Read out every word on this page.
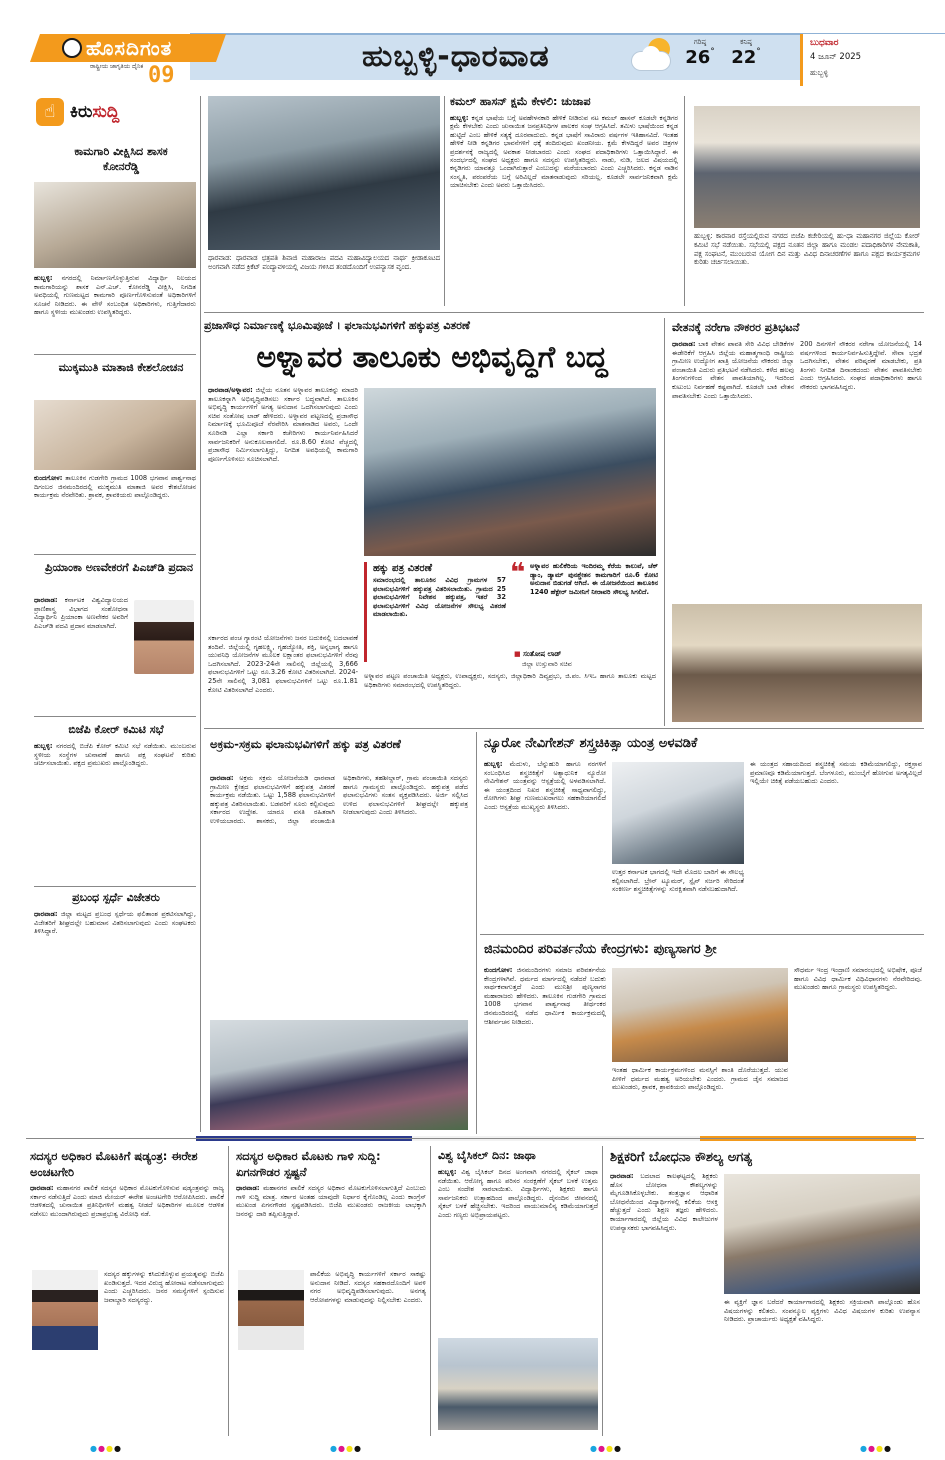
ಹೊಸದಿಗಂತ
ರಾಷ್ಟ್ರೀಯ ಜಾಗೃತಿಯ ದೈನಿಕ 09
ಹುಬ್ಬಳ್ಳಿ-ಧಾರವಾಡ	ಗರಿಷ್ಠ
26°
ಕನಿಷ್ಠ
22°
ಬುಧವಾರ
4 ಜೂನ್ 2025
ಹುಬ್ಬಳ್ಳಿ
☝ ಕಿರುಸುದ್ದಿ
ಕಾಮಗಾರಿ ವೀಕ್ಷಿಸಿದ ಶಾಸಕ ಕೋನರೆಡ್ಡಿ
ಹುಬ್ಬಳ್ಳಿ: ನಗರದಲ್ಲಿ ನಿರ್ಮಾಣಗೊಳ್ಳುತ್ತಿರುವ ವಿದ್ಯಾರ್ಥಿ ನಿಲಯದ ಕಾಮಗಾರಿಯನ್ನು ಶಾಸಕ ಎನ್.ಎಚ್. ಕೋನರೆಡ್ಡಿ ವೀಕ್ಷಿಸಿ, ನಿಗದಿತ ಅವಧಿಯಲ್ಲಿ ಗುಣಮಟ್ಟದ ಕಾಮಗಾರಿ ಪೂರ್ಣಗೊಳಿಸುವಂತೆ ಅಧಿಕಾರಿಗಳಿಗೆ ಸೂಚನೆ ನೀಡಿದರು. ಈ ವೇಳೆ ಸಂಬಂಧಿತ ಅಧಿಕಾರಿಗಳು, ಗುತ್ತಿಗೆದಾರರು ಹಾಗೂ ಸ್ಥಳೀಯ ಮುಖಂಡರು ಉಪಸ್ಥಿತರಿದ್ದರು.
ಮುಕ್ಕಮುತಿ ಮಾತಾಜಿ ಕೇಶಲೋಚನ
ಕುಂದಗೋಳ: ತಾಲೂಕಿನ ಗುಡಗೇರಿ ಗ್ರಾಮದ 1008 ಭಗವಾನ ಪಾರ್ಶ್ವನಾಥ ದಿಗಂಬರ ಜಿನಮಂದಿರದಲ್ಲಿ ಮುಕ್ಕಮುತಿ ಮಾತಾಜಿ ಅವರ ಕೇಶಲೋಚನ ಕಾರ್ಯಕ್ರಮ ನೆರವೇರಿತು. ಶ್ರಾವಕ, ಶ್ರಾವಕಿಯರು ಪಾಲ್ಗೊಂಡಿದ್ದರು.
ಪ್ರಿಯಾಂಕಾ ಅಣವೇಕರಗೆ ಪಿಎಚ್‌ಡಿ ಪ್ರದಾನ
ಧಾರವಾಡ: ಕರ್ನಾಟಕ ವಿಶ್ವವಿದ್ಯಾಲಯದ ಪ್ರಾಣಿಶಾಸ್ತ್ರ ವಿಭಾಗದ ಸಂಶೋಧನಾ ವಿದ್ಯಾರ್ಥಿನಿ ಪ್ರಿಯಾಂಕಾ ಅಣವೇಕರ ಅವರಿಗೆ ಪಿಎಚ್‌ಡಿ ಪದವಿ ಪ್ರದಾನ ಮಾಡಲಾಗಿದೆ.
ಬಿಜೆಪಿ ಕೋರ್ ಕಮಿಟಿ ಸಭೆ
ಹುಬ್ಬಳ್ಳಿ: ನಗರದಲ್ಲಿ ಬಿಜೆಪಿ ಕೋರ್ ಕಮಿಟಿ ಸಭೆ ನಡೆಯಿತು. ಮುಂಬರುವ ಸ್ಥಳೀಯ ಸಂಸ್ಥೆಗಳ ಚುನಾವಣೆ ಹಾಗೂ ಪಕ್ಷ ಸಂಘಟನೆ ಕುರಿತು ಚರ್ಚಿಸಲಾಯಿತು. ಪಕ್ಷದ ಪ್ರಮುಖರು ಪಾಲ್ಗೊಂಡಿದ್ದರು.
ಪ್ರಬಂಧ ಸ್ಪರ್ಧೆ ವಿಜೇತರು
ಧಾರವಾಡ: ಜಿಲ್ಲಾ ಮಟ್ಟದ ಪ್ರಬಂಧ ಸ್ಪರ್ಧೆಯ ಫಲಿತಾಂಶ ಪ್ರಕಟಿಸಲಾಗಿದ್ದು, ವಿಜೇತರಿಗೆ ಶೀಘ್ರದಲ್ಲೇ ಬಹುಮಾನ ವಿತರಿಸಲಾಗುವುದು ಎಂದು ಸಂಘಟಕರು ತಿಳಿಸಿದ್ದಾರೆ.
ಧಾರವಾಡ: ಧಾರವಾಡ ಛತ್ರಪತಿ ಶಿವಾಜಿ ಮಹಾರಾಜ ಪದವಿ ಮಹಾವಿದ್ಯಾಲಯದ ನಾರ್ಥ ಕ್ರೀಡಾಕೂಟದ ಅಂಗವಾಗಿ ನಡೆದ ಕ್ರಿಕೆಟ್ ಪಂದ್ಯಾವಳಿಯಲ್ಲಿ ವಿಜಯ ಗಳಿಸಿದ ತಂಡದೊಂದಿಗೆ ಉಪನ್ಯಾಸಕ ವೃಂದ.
ಕಮಲ್ ಹಾಸನ್ ಕ್ಷಮೆ ಕೇಳಲಿ: ಚುಜಾಪ
ಹುಬ್ಬಳ್ಳಿ: ಕನ್ನಡ ಭಾಷೆಯ ಬಗ್ಗೆ ಅವಹೇಳನಕಾರಿ ಹೇಳಿಕೆ ನೀಡಿರುವ ನಟ ಕಮಲ್ ಹಾಸನ್ ಕೂಡಲೇ ಕನ್ನಡಿಗರ ಕ್ಷಮೆ ಕೇಳಬೇಕು ಎಂದು ಚುನಾಯಿತ ಜನಪ್ರತಿನಿಧಿಗಳ ಪಾಲಕರ ಸಂಘ ಆಗ್ರಹಿಸಿದೆ. ತಮಿಳು ಭಾಷೆಯಿಂದ ಕನ್ನಡ ಹುಟ್ಟಿದೆ ಎಂಬ ಹೇಳಿಕೆ ಸತ್ಯಕ್ಕೆ ದೂರವಾದುದು. ಕನ್ನಡ ಭಾಷೆಗೆ ಸಾವಿರಾರು ವರ್ಷಗಳ ಇತಿಹಾಸವಿದೆ. ಇಂತಹ ಹೇಳಿಕೆ ನೀಡಿ ಕನ್ನಡಿಗರ ಭಾವನೆಗಳಿಗೆ ಧಕ್ಕೆ ತಂದಿರುವುದು ಖಂಡನೀಯ. ಕ್ಷಮೆ ಕೇಳದಿದ್ದರೆ ಅವರ ಚಿತ್ರಗಳ ಪ್ರದರ್ಶನಕ್ಕೆ ರಾಜ್ಯದಲ್ಲಿ ಅವಕಾಶ ನೀಡಬಾರದು ಎಂದು ಸಂಘದ ಪದಾಧಿಕಾರಿಗಳು ಒತ್ತಾಯಿಸಿದ್ದಾರೆ. ಈ ಸಂದರ್ಭದಲ್ಲಿ ಸಂಘದ ಅಧ್ಯಕ್ಷರು ಹಾಗೂ ಸದಸ್ಯರು ಉಪಸ್ಥಿತರಿದ್ದರು. ನಾಡು, ನುಡಿ, ಜಲದ ವಿಷಯದಲ್ಲಿ ಕನ್ನಡಿಗರು ಯಾವತ್ತೂ ಒಂದಾಗಿರುತ್ತಾರೆ ಎಂಬುದನ್ನು ಮರೆಯಬಾರದು ಎಂದು ಎಚ್ಚರಿಸಿದರು. ಕನ್ನಡ ನಾಡಿನ ಸಂಸ್ಕೃತಿ, ಪರಂಪರೆಯ ಬಗ್ಗೆ ಅರಿವಿಲ್ಲದೆ ಮಾತನಾಡುವುದು ಸರಿಯಲ್ಲ. ಕೂಡಲೇ ಸಾರ್ವಜನಿಕವಾಗಿ ಕ್ಷಮೆ ಯಾಚಿಸಬೇಕು ಎಂದು ಅವರು ಒತ್ತಾಯಿಸಿದರು.
ಹುಬ್ಬಳ್ಳಿ: ಕಾರವಾರ ರಸ್ತೆಯಲ್ಲಿರುವ ನಗರದ ಬಿಜೆಪಿ ಕಚೇರಿಯಲ್ಲಿ ಹು-ಧಾ ಮಹಾನಗರ ಜಿಲ್ಲೆಯ ಕೋರ್ ಕಮಿಟಿ ಸಭೆ ನಡೆಯಿತು. ಸಭೆಯಲ್ಲಿ ಪಕ್ಷದ ನೂತನ ಜಿಲ್ಲಾ ಹಾಗೂ ಮಂಡಲ ಪದಾಧಿಕಾರಿಗಳ ನೇಮಕಾತಿ, ಪಕ್ಷ ಸಂಘಟನೆ, ಮುಂಬರುವ ಯೋಗ ದಿನ ಮತ್ತು ವಿವಿಧ ದಿನಾಚರಣೆಗಳ ಹಾಗೂ ಪಕ್ಷದ ಕಾರ್ಯಕ್ರಮಗಳ ಕುರಿತು ಚರ್ಚಿಸಲಾಯಿತು.
ಪ್ರಜಾಸೌಧ ನಿರ್ಮಾಣಕ್ಕೆ ಭೂಮಿಪೂಜೆ । ಫಲಾನುಭವಿಗಳಿಗೆ ಹಕ್ಕುಪತ್ರ ವಿತರಣೆ
ಅಳ್ನಾವರ ತಾಲೂಕು ಅಭಿವೃದ್ಧಿಗೆ ಬದ್ಧ
ಧಾರವಾಡ/ಅಳ್ನಾವರ: ಜಿಲ್ಲೆಯ ನೂತನ ಅಳ್ನಾವರ ತಾಲೂಕನ್ನು ಮಾದರಿ ತಾಲೂಕನ್ನಾಗಿ ಅಭಿವೃದ್ಧಿಪಡಿಸಲು ಸರ್ಕಾರ ಬದ್ಧವಾಗಿದೆ. ತಾಲೂಕಿನ ಅಭಿವೃದ್ಧಿ ಕಾರ್ಯಗಳಿಗೆ ಅಗತ್ಯ ಅನುದಾನ ಒದಗಿಸಲಾಗುವುದು ಎಂದು ಸಚಿವ ಸಂತೋಷ ಲಾಡ್ ಹೇಳಿದರು. ಅಳ್ನಾವರ ಪಟ್ಟಣದಲ್ಲಿ ಪ್ರಜಾಸೌಧ ನಿರ್ಮಾಣಕ್ಕೆ ಭೂಮಿಪೂಜೆ ನೆರವೇರಿಸಿ ಮಾತನಾಡಿದ ಅವರು, ಒಂದೇ ಸೂರಿನಡಿ ಎಲ್ಲಾ ಸರ್ಕಾರಿ ಕಚೇರಿಗಳು ಕಾರ್ಯನಿರ್ವಹಿಸಿದರೆ ಸಾರ್ವಜನಿಕರಿಗೆ ಅನುಕೂಲವಾಗಲಿದೆ. ರೂ.8.60 ಕೋಟಿ ವೆಚ್ಚದಲ್ಲಿ ಪ್ರಜಾಸೌಧ ನಿರ್ಮಿಸಲಾಗುತ್ತಿದ್ದು, ನಿಗದಿತ ಅವಧಿಯಲ್ಲಿ ಕಾಮಗಾರಿ ಪೂರ್ಣಗೊಳಿಸಲು ಸೂಚಿಸಲಾಗಿದೆ.
ಸರ್ಕಾರದ ಪಂಚ ಗ್ಯಾರಂಟಿ ಯೋಜನೆಗಳು ಜನರ ಬದುಕಿನಲ್ಲಿ ಬದಲಾವಣೆ ತಂದಿವೆ. ಜಿಲ್ಲೆಯಲ್ಲಿ ಗೃಹಲಕ್ಷ್ಮಿ, ಗೃಹಜ್ಯೋತಿ, ಶಕ್ತಿ, ಅನ್ನಭಾಗ್ಯ ಹಾಗೂ ಯುವನಿಧಿ ಯೋಜನೆಗಳ ಮೂಲಕ ಲಕ್ಷಾಂತರ ಫಲಾನುಭವಿಗಳಿಗೆ ನೆರವು ಒದಗಿಸಲಾಗಿದೆ. 2023-24ನೇ ಸಾಲಿನಲ್ಲಿ ಜಿಲ್ಲೆಯಲ್ಲಿ 3,666 ಫಲಾನುಭವಿಗಳಿಗೆ ಒಟ್ಟು ರೂ.3.26 ಕೋಟಿ ವಿತರಿಸಲಾಗಿದೆ. 2024-25ನೇ ಸಾಲಿನಲ್ಲಿ 3,081 ಫಲಾನುಭವಿಗಳಿಗೆ ಒಟ್ಟು ರೂ.1.81 ಕೋಟಿ ವಿತರಿಸಲಾಗಿದೆ ಎಂದರು.
ಹಕ್ಕು ಪತ್ರ ವಿತರಣೆ
ಸಮಾರಂಭದಲ್ಲಿ ತಾಲೂಕಿನ ವಿವಿಧ ಗ್ರಾಮಗಳ 57 ಫಲಾನುಭವಿಗಳಿಗೆ ಹಕ್ಕುಪತ್ರ ವಿತರಿಸಲಾಯಿತು. ಗ್ರಾಮದ 25 ಫಲಾನುಭವಿಗಳಿಗೆ ನಿವೇಶನ ಹಕ್ಕುಪತ್ರ, ಇತರೆ 32 ಫಲಾನುಭವಿಗಳಿಗೆ ವಿವಿಧ ಯೋಜನೆಗಳ ಸೌಲಭ್ಯ ವಿತರಣೆ ಮಾಡಲಾಯಿತು.
❝ ಅಳ್ನಾವರ ಹುಲಿಕೆರಿಯ ಇಂದಿರಮ್ಮ ಕೆರೆಯ ಕಾಲುವೆ, ಚೆಕ್ ಡ್ಯಾಂ, ಡ್ಯಾಮ್ ಪುನಶ್ಚೇತನ ಕಾಮಗಾರಿಗೆ ರೂ.6 ಕೋಟಿ ಅನುದಾನ ಬಿಡುಗಡೆ ಆಗಿದೆ. ಈ ಯೋಜನೆಯಿಂದ ತಾಲೂಕಿನ 1240 ಹೆಕ್ಟೇರ್ ಜಮೀನಿಗೆ ನೀರಾವರಿ ಸೌಲಭ್ಯ ಸಿಗಲಿದೆ.
■ ಸಂತೋಷ ಲಾಡ್
ಜಿಲ್ಲಾ ಉಸ್ತುವಾರಿ ಸಚಿವ
ಅಳ್ನಾವರ ಪಟ್ಟಣ ಪಂಚಾಯಿತಿ ಅಧ್ಯಕ್ಷರು, ಉಪಾಧ್ಯಕ್ಷರು, ಸದಸ್ಯರು, ಜಿಲ್ಲಾಧಿಕಾರಿ ದಿವ್ಯಪ್ರಭು, ಜಿ.ಪಂ. ಸಿಇಒ ಹಾಗೂ ತಾಲೂಕು ಮಟ್ಟದ ಅಧಿಕಾರಿಗಳು ಸಮಾರಂಭದಲ್ಲಿ ಉಪಸ್ಥಿತರಿದ್ದರು.
ವೇತನಕ್ಕೆ ನರೇಗಾ ನೌಕರರ ಪ್ರತಿಭಟನೆ
ಧಾರವಾಡ: ಬಾಕಿ ವೇತನ ಪಾವತಿ ಸೇರಿ ವಿವಿಧ ಬೇಡಿಕೆಗಳ ಈಡೇರಿಕೆಗೆ ಆಗ್ರಹಿಸಿ ಜಿಲ್ಲೆಯ ಮಹಾತ್ಮಗಾಂಧಿ ರಾಷ್ಟ್ರೀಯ ಗ್ರಾಮೀಣ ಉದ್ಯೋಗ ಖಾತ್ರಿ ಯೋಜನೆಯ ನೌಕರರು ಜಿಲ್ಲಾ ಪಂಚಾಯಿತಿ ಎದುರು ಪ್ರತಿಭಟನೆ ನಡೆಸಿದರು. ಕಳೆದ ಹಲವು ತಿಂಗಳುಗಳಿಂದ ವೇತನ ಪಾವತಿಯಾಗಿಲ್ಲ. ಇದರಿಂದ ಕುಟುಂಬ ನಿರ್ವಹಣೆ ಕಷ್ಟವಾಗಿದೆ. ಕೂಡಲೇ ಬಾಕಿ ವೇತನ ಪಾವತಿಸಬೇಕು ಎಂದು ಒತ್ತಾಯಿಸಿದರು.
200 ದಿನಗಳಿಗೆ ನೌಕರರ ನರೇಗಾ ಯೋಜನೆಯಲ್ಲಿ 14 ವರ್ಷಗಳಿಂದ ಕಾರ್ಯನಿರ್ವಹಿಸುತ್ತಿದ್ದೇವೆ. ಸೇವಾ ಭದ್ರತೆ ಒದಗಿಸಬೇಕು, ವೇತನ ಪರಿಷ್ಕರಣೆ ಮಾಡಬೇಕು, ಪ್ರತಿ ತಿಂಗಳು ನಿಗದಿತ ದಿನಾಂಕದಂದು ವೇತನ ಪಾವತಿಸಬೇಕು ಎಂದು ಆಗ್ರಹಿಸಿದರು. ಸಂಘದ ಪದಾಧಿಕಾರಿಗಳು ಹಾಗೂ ನೌಕರರು ಭಾಗವಹಿಸಿದ್ದರು.
ಅಕ್ರಮ-ಸಕ್ರಮ ಫಲಾನುಭವಿಗಳಿಗೆ ಹಕ್ಕು ಪತ್ರ ವಿತರಣೆ
ಧಾರವಾಡ: ಅಕ್ರಮ ಸಕ್ರಮ ಯೋಜನೆಯಡಿ ಧಾರವಾಡ ಗ್ರಾಮೀಣ ಕ್ಷೇತ್ರದ ಫಲಾನುಭವಿಗಳಿಗೆ ಹಕ್ಕುಪತ್ರ ವಿತರಣೆ ಕಾರ್ಯಕ್ರಮ ನಡೆಯಿತು. ಒಟ್ಟು 1,588 ಫಲಾನುಭವಿಗಳಿಗೆ ಹಕ್ಕುಪತ್ರ ವಿತರಿಸಲಾಯಿತು. ಬಡವರಿಗೆ ಸೂರು ಕಲ್ಪಿಸುವುದು ಸರ್ಕಾರದ ಉದ್ದೇಶ. ಯಾರೂ ವಸತಿ ರಹಿತರಾಗಿ ಉಳಿಯಬಾರದು. ಶಾಸಕರು, ಜಿಲ್ಲಾ ಪಂಚಾಯಿತಿ ಅಧಿಕಾರಿಗಳು, ತಹಶೀಲ್ದಾರ್, ಗ್ರಾಮ ಪಂಚಾಯಿತಿ ಸದಸ್ಯರು ಹಾಗೂ ಗ್ರಾಮಸ್ಥರು ಪಾಲ್ಗೊಂಡಿದ್ದರು. ಹಕ್ಕುಪತ್ರ ಪಡೆದ ಫಲಾನುಭವಿಗಳು ಸಂತಸ ವ್ಯಕ್ತಪಡಿಸಿದರು. ಅರ್ಜಿ ಸಲ್ಲಿಸಿದ ಉಳಿದ ಫಲಾನುಭವಿಗಳಿಗೆ ಶೀಘ್ರದಲ್ಲೇ ಹಕ್ಕುಪತ್ರ ನೀಡಲಾಗುವುದು ಎಂದು ತಿಳಿಸಿದರು.
ನ್ಯೂರೋ ನೇವಿಗೇಶನ್ ಶಸ್ತ್ರಚಿಕಿತ್ಸಾ ಯಂತ್ರ ಅಳವಡಿಕೆ
ಹುಬ್ಬಳ್ಳಿ: ಮೆದುಳು, ಬೆನ್ನುಹುರಿ ಹಾಗೂ ನರಗಳಿಗೆ ಸಂಬಂಧಿಸಿದ ಶಸ್ತ್ರಚಿಕಿತ್ಸೆಗೆ ಅತ್ಯಾಧುನಿಕ ನ್ಯೂರೋ ನೇವಿಗೇಶನ್ ಯಂತ್ರವನ್ನು ಆಸ್ಪತ್ರೆಯಲ್ಲಿ ಅಳವಡಿಸಲಾಗಿದೆ. ಈ ಯಂತ್ರದಿಂದ ನಿಖರ ಶಸ್ತ್ರಚಿಕಿತ್ಸೆ ಸಾಧ್ಯವಾಗಲಿದ್ದು, ರೋಗಿಗಳು ಶೀಘ್ರ ಗುಣಮುಖರಾಗಲು ಸಹಕಾರಿಯಾಗಲಿದೆ ಎಂದು ಆಸ್ಪತ್ರೆಯ ಮುಖ್ಯಸ್ಥರು ತಿಳಿಸಿದರು.
ಉತ್ತರ ಕರ್ನಾಟಕ ಭಾಗದಲ್ಲಿ ಇದೇ ಮೊದಲ ಬಾರಿಗೆ ಈ ಸೌಲಭ್ಯ ಕಲ್ಪಿಸಲಾಗಿದೆ. ಬ್ರೇನ್ ಟ್ಯೂಮರ್, ಸ್ಪೈನ್ ಸರ್ಜರಿ ಸೇರಿದಂತೆ ಸಂಕೀರ್ಣ ಶಸ್ತ್ರಚಿಕಿತ್ಸೆಗಳನ್ನು ಸುರಕ್ಷಿತವಾಗಿ ನಡೆಸಬಹುದಾಗಿದೆ.
ಈ ಯಂತ್ರದ ಸಹಾಯದಿಂದ ಶಸ್ತ್ರಚಿಕಿತ್ಸೆ ಸಮಯ ಕಡಿಮೆಯಾಗಲಿದ್ದು, ರಕ್ತಸ್ರಾವ ಪ್ರಮಾಣವೂ ಕಡಿಮೆಯಾಗುತ್ತದೆ. ಬೆಂಗಳೂರು, ಮುಂಬೈಗೆ ಹೋಗುವ ಅಗತ್ಯವಿಲ್ಲದೆ ಇಲ್ಲಿಯೇ ಚಿಕಿತ್ಸೆ ಪಡೆಯಬಹುದು ಎಂದರು.
ಜಿನಮಂದಿರ ಪರಿವರ್ತನೆಯ ಕೇಂದ್ರಗಳು: ಪುಣ್ಯಸಾಗರ ಶ್ರೀ
ಕುಂದಗೋಳ: ಜಿನಮಂದಿರಗಳು ಸಮಾಜ ಪರಿವರ್ತನೆಯ ಕೇಂದ್ರಗಳಾಗಿವೆ. ಧರ್ಮದ ಮಾರ್ಗದಲ್ಲಿ ನಡೆದರೆ ಬದುಕು ಸಾರ್ಥಕವಾಗುತ್ತದೆ ಎಂದು ಮುನಿಶ್ರೀ ಪುಣ್ಯಸಾಗರ ಮಹಾರಾಜರು ಹೇಳಿದರು. ತಾಲೂಕಿನ ಗುಡಗೇರಿ ಗ್ರಾಮದ 1008 ಭಗವಾನ ಪಾರ್ಶ್ವನಾಥ ತೀರ್ಥಂಕರ ಜಿನಮಂದಿರದಲ್ಲಿ ನಡೆದ ಧಾರ್ಮಿಕ ಕಾರ್ಯಕ್ರಮದಲ್ಲಿ ಆಶೀರ್ವಚನ ನೀಡಿದರು.
ಇಂತಹ ಧಾರ್ಮಿಕ ಕಾರ್ಯಕ್ರಮಗಳಿಂದ ಮನಸ್ಸಿಗೆ ಶಾಂತಿ ದೊರೆಯುತ್ತದೆ. ಯುವ ಪೀಳಿಗೆ ಧರ್ಮದ ಮಹತ್ವ ಅರಿಯಬೇಕು ಎಂದರು. ಗ್ರಾಮದ ಜೈನ ಸಮಾಜದ ಮುಖಂಡರು, ಶ್ರಾವಕ, ಶ್ರಾವಕಿಯರು ಪಾಲ್ಗೊಂಡಿದ್ದರು.
ಸೌಧರ್ಮ ಇಂದ್ರ ಇಂದ್ರಾಣಿ ಸಮಾರಂಭದಲ್ಲಿ ಅಭಿಷೇಕ, ಪೂಜೆ ಹಾಗೂ ವಿವಿಧ ಧಾರ್ಮಿಕ ವಿಧಿವಿಧಾನಗಳು ನೆರವೇರಿದವು. ಮುಖಂಡರು ಹಾಗೂ ಗ್ರಾಮಸ್ಥರು ಉಪಸ್ಥಿತರಿದ್ದರು.
ಸದಸ್ಯರ ಅಧಿಕಾರ ಮೊಟಕಿಗೆ ಷಡ್ಯಂತ್ರ: ಈರೇಶ ಅಂಚಟಗೇರಿ
ಧಾರವಾಡ: ಮಹಾನಗರ ಪಾಲಿಕೆ ಸದಸ್ಯರ ಅಧಿಕಾರ ಮೊಟಕುಗೊಳಿಸುವ ಷಡ್ಯಂತ್ರವನ್ನು ರಾಜ್ಯ ಸರ್ಕಾರ ನಡೆಸುತ್ತಿದೆ ಎಂದು ಮಾಜಿ ಮೇಯರ್ ಈರೇಶ ಅಂಚಟಗೇರಿ ಆರೋಪಿಸಿದರು. ಪಾಲಿಕೆ ಆಡಳಿತದಲ್ಲಿ ಚುನಾಯಿತ ಪ್ರತಿನಿಧಿಗಳಿಗೆ ಮಹತ್ವ ನೀಡದೆ ಅಧಿಕಾರಿಗಳ ಮೂಲಕ ಆಡಳಿತ ನಡೆಸಲು ಮುಂದಾಗಿರುವುದು ಪ್ರಜಾಪ್ರಭುತ್ವ ವಿರೋಧಿ ನಡೆ.
ಸದಸ್ಯರ ಹಕ್ಕುಗಳನ್ನು ಕಸಿದುಕೊಳ್ಳುವ ಪ್ರಯತ್ನವನ್ನು ಬಿಜೆಪಿ ಖಂಡಿಸುತ್ತದೆ. ಇದರ ವಿರುದ್ಧ ಹೋರಾಟ ನಡೆಸಲಾಗುವುದು ಎಂದು ಎಚ್ಚರಿಸಿದರು. ಜನರ ಸಮಸ್ಯೆಗಳಿಗೆ ಸ್ಪಂದಿಸುವ ಜವಾಬ್ದಾರಿ ಸದಸ್ಯರದ್ದು.
ಸದಸ್ಯರ ಅಧಿಕಾರ ಮೊಟಕು ಗಾಳಿ ಸುದ್ದಿ: ಏಗನಗೌಡರ ಸ್ಪಷ್ಟನೆ
ಧಾರವಾಡ: ಮಹಾನಗರ ಪಾಲಿಕೆ ಸದಸ್ಯರ ಅಧಿಕಾರ ಮೊಟಕುಗೊಳಿಸಲಾಗುತ್ತಿದೆ ಎಂಬುದು ಗಾಳಿ ಸುದ್ದಿ ಮಾತ್ರ. ಸರ್ಕಾರ ಅಂತಹ ಯಾವುದೇ ನಿರ್ಧಾರ ಕೈಗೊಂಡಿಲ್ಲ ಎಂದು ಕಾಂಗ್ರೆಸ್ ಮುಖಂಡ ಏಗನಗೌಡರ ಸ್ಪಷ್ಟಪಡಿಸಿದರು. ಬಿಜೆಪಿ ಮುಖಂಡರು ರಾಜಕೀಯ ಲಾಭಕ್ಕಾಗಿ ಜನರನ್ನು ದಾರಿ ತಪ್ಪಿಸುತ್ತಿದ್ದಾರೆ.
ಪಾಲಿಕೆಯ ಅಭಿವೃದ್ಧಿ ಕಾರ್ಯಗಳಿಗೆ ಸರ್ಕಾರ ಸಾಕಷ್ಟು ಅನುದಾನ ನೀಡಿದೆ. ಸದಸ್ಯರ ಸಹಕಾರದೊಂದಿಗೆ ಅವಳಿ ನಗರ ಅಭಿವೃದ್ಧಿಪಡಿಸಲಾಗುವುದು. ಅನಗತ್ಯ ಆರೋಪಗಳನ್ನು ಮಾಡುವುದನ್ನು ನಿಲ್ಲಿಸಬೇಕು ಎಂದರು.
ವಿಶ್ವ ಬೈಸಿಕಲ್ ದಿನ: ಜಾಥಾ
ಹುಬ್ಬಳ್ಳಿ: ವಿಶ್ವ ಬೈಸಿಕಲ್ ದಿನದ ಅಂಗವಾಗಿ ನಗರದಲ್ಲಿ ಸೈಕಲ್ ಜಾಥಾ ನಡೆಯಿತು. ಆರೋಗ್ಯ ಹಾಗೂ ಪರಿಸರ ಸಂರಕ್ಷಣೆಗೆ ಸೈಕಲ್ ಬಳಕೆ ಉತ್ತಮ ಎಂಬ ಸಂದೇಶ ಸಾರಲಾಯಿತು. ವಿದ್ಯಾರ್ಥಿಗಳು, ಶಿಕ್ಷಕರು ಹಾಗೂ ಸಾರ್ವಜನಿಕರು ಉತ್ಸಾಹದಿಂದ ಪಾಲ್ಗೊಂಡಿದ್ದರು. ದೈನಂದಿನ ಜೀವನದಲ್ಲಿ ಸೈಕಲ್ ಬಳಕೆ ಹೆಚ್ಚಿಸಬೇಕು. ಇದರಿಂದ ವಾಯುಮಾಲಿನ್ಯ ಕಡಿಮೆಯಾಗುತ್ತದೆ ಎಂದು ಗಣ್ಯರು ಅಭಿಪ್ರಾಯಪಟ್ಟರು.
ಶಿಕ್ಷಕರಿಗೆ ಬೋಧನಾ ಕೌಶಲ್ಯ ಅಗತ್ಯ
ಧಾರವಾಡ: ಬದಲಾದ ಕಾಲಘಟ್ಟದಲ್ಲಿ ಶಿಕ್ಷಕರು ಹೊಸ ಬೋಧನಾ ಕೌಶಲ್ಯಗಳನ್ನು ಮೈಗೂಡಿಸಿಕೊಳ್ಳಬೇಕು. ತಂತ್ರಜ್ಞಾನ ಆಧಾರಿತ ಬೋಧನೆಯಿಂದ ವಿದ್ಯಾರ್ಥಿಗಳಲ್ಲಿ ಕಲಿಕೆಯ ಆಸಕ್ತಿ ಹೆಚ್ಚುತ್ತದೆ ಎಂದು ಶಿಕ್ಷಣ ತಜ್ಞರು ಹೇಳಿದರು. ಕಾರ್ಯಾಗಾರದಲ್ಲಿ ಜಿಲ್ಲೆಯ ವಿವಿಧ ಕಾಲೇಜುಗಳ ಉಪನ್ಯಾಸಕರು ಭಾಗವಹಿಸಿದ್ದರು.
ಈ ವ್ಯಕ್ತಿಗೆ ಜ್ಞಾನ ಬರೆದರೆ ಕಾರ್ಯಾಗಾರದಲ್ಲಿ ಶಿಕ್ಷಕರು ಸಕ್ರಿಯವಾಗಿ ಪಾಲ್ಗೊಂಡು ಹೊಸ ವಿಷಯಗಳನ್ನು ಕಲಿತರು. ಸಂಪನ್ಮೂಲ ವ್ಯಕ್ತಿಗಳು ವಿವಿಧ ವಿಷಯಗಳ ಕುರಿತು ಉಪನ್ಯಾಸ ನೀಡಿದರು. ಪ್ರಾಚಾರ್ಯರು ಅಧ್ಯಕ್ಷತೆ ವಹಿಸಿದ್ದರು.
●●●●	●●●●	●●●●	●●●●
